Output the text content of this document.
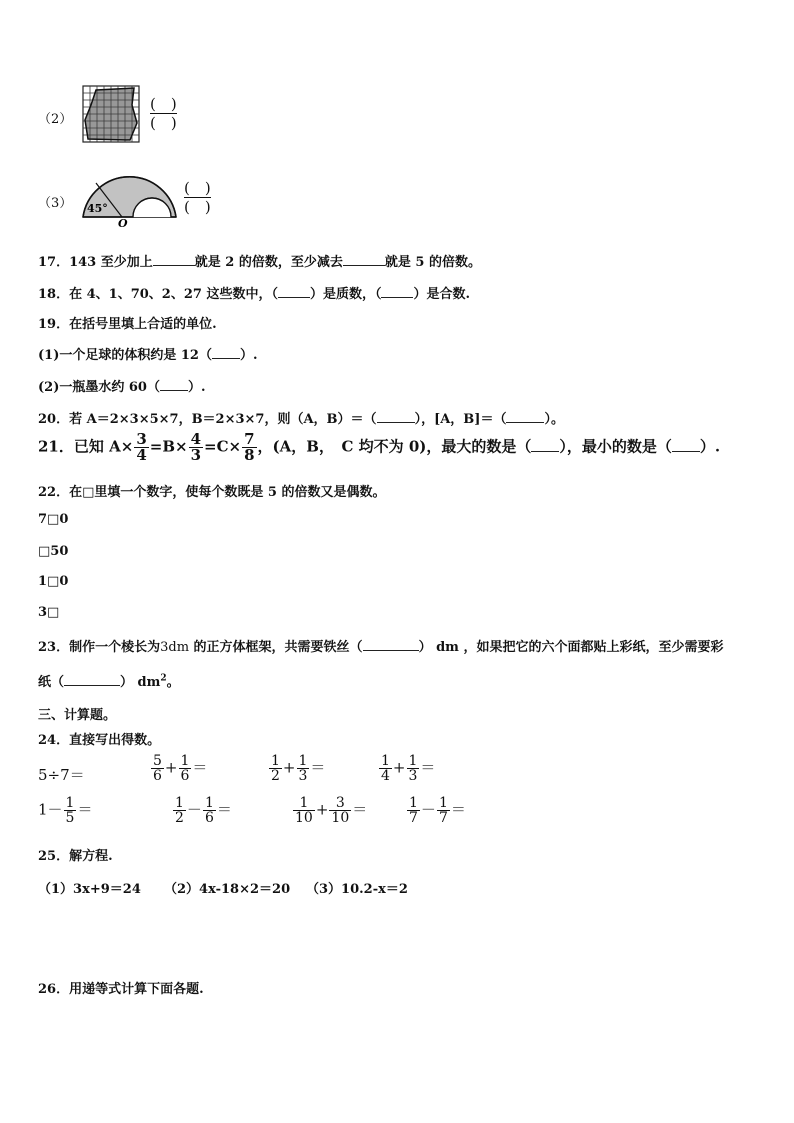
（2）
(　)
(　)
（3） 45°
O
(　)
(　)
17．143 至少加上	就是 2 的倍数，至少减去	就是 5 的倍数。
18．在 4、1、70、2、27 这些数中，（ ）是质数，（ ）是合数.
19．在括号里填上合适的单位.
(1)一个足球的体积约是 12（ ）.
(2)一瓶墨水约 60（ ）.
20．若 A＝2×3×5×7，B＝2×3×7，则（A，B）＝（	），[A，B]＝（	）。
21．已知 $A\times \frac{3}{4} =B\times \frac{4}{3} =C\times \frac{7}{8}$ ，(A，B，　C 均不为 0)，最大的数是（ ），最小的数是（ ）.
22．在□里填一个数字，使每个数既是 5 的倍数又是偶数。
7□0
□50
1□0
3□
23．制作一个棱长为3dm 的正方体框架，共需要铁丝（	） dm ，如果把它的六个面都贴上彩纸，至少需要彩
纸（	） $dm^2$。
三、计算题。
24．直接写出得数。
5÷7＝	$\frac{5}{6} + \frac{1}{6}$ ＝	$\frac{1}{2} + \frac{1}{3}$ ＝	$\frac{1}{4} + \frac{1}{3}$ ＝
$1- \frac{1}{5}$ ＝	$\frac{1}{2} - \frac{1}{6}$ ＝	$\frac{1}{10} + \frac{3}{10}$ ＝	$\frac{1}{7} - \frac{1}{7}$ ＝
25．解方程.
（1）3x+9＝24 （2）4x-18×2＝20 （3）10.2-x＝2
26．用递等式计算下面各题.
